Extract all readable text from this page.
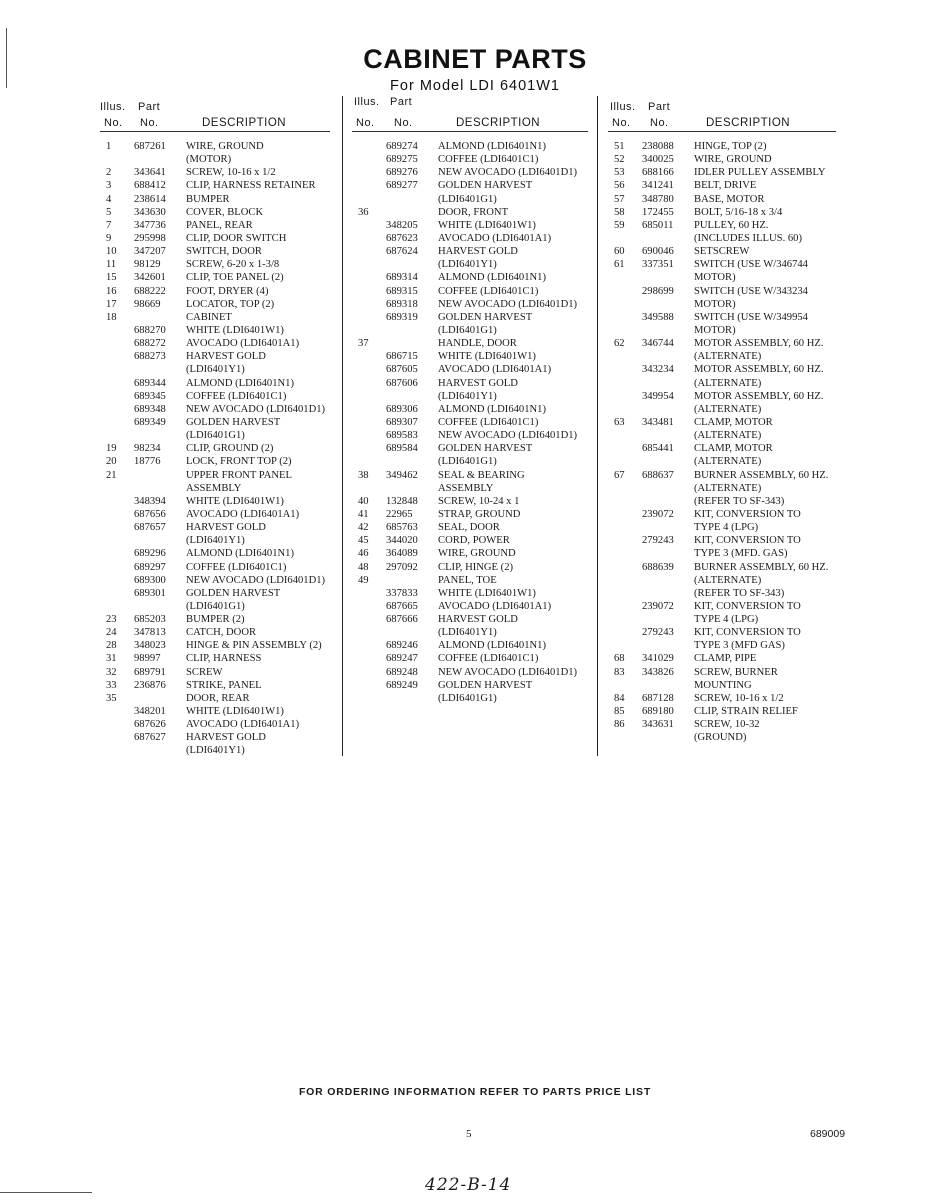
CABINET PARTS
For Model LDI 6401W1
Illus. Part
No. No.	DESCRIPTION
1	687261	WIRE, GROUND
(MOTOR)
2	343641	SCREW, 10-16 x 1/2
3	688412	CLIP, HARNESS RETAINER
4	238614	BUMPER
5	343630	COVER, BLOCK
7	347736	PANEL, REAR
9	295998	CLIP, DOOR SWITCH
10	347207	SWITCH, DOOR
11	98129	SCREW, 6-20 x 1-3/8
15	342601	CLIP, TOE PANEL (2)
16	688222	FOOT, DRYER (4)
17	98669	LOCATOR, TOP (2)
18	CABINET
688270	WHITE (LDI6401W1)
688272	AVOCADO (LDI6401A1)
688273	HARVEST GOLD
(LDI6401Y1)
689344	ALMOND (LDI6401N1)
689345	COFFEE (LDI6401C1)
689348	NEW AVOCADO (LDI6401D1)
689349	GOLDEN HARVEST
(LDI6401G1)
19	98234	CLIP, GROUND (2)
20	18776	LOCK, FRONT TOP (2)
21	UPPER FRONT PANEL
ASSEMBLY
348394	WHITE (LDI6401W1)
687656	AVOCADO (LDI6401A1)
687657	HARVEST GOLD
(LDI6401Y1)
689296	ALMOND (LDI6401N1)
689297	COFFEE (LDI6401C1)
689300	NEW AVOCADO (LDI6401D1)
689301	GOLDEN HARVEST
(LDI6401G1)
23	685203	BUMPER (2)
24	347813	CATCH, DOOR
28	348023	HINGE & PIN ASSEMBLY (2)
31	98997	CLIP, HARNESS
32	689791	SCREW
33	236876	STRIKE, PANEL
35	DOOR, REAR
348201	WHITE (LDI6401W1)
687626	AVOCADO (LDI6401A1)
687627	HARVEST GOLD
(LDI6401Y1)
Illus. Part
No. No.	DESCRIPTION
689274	ALMOND (LDI6401N1)
689275	COFFEE (LDI6401C1)
689276	NEW AVOCADO (LDI6401D1)
689277	GOLDEN HARVEST
(LDI6401G1)
36	DOOR, FRONT
348205	WHITE (LDI6401W1)
687623	AVOCADO (LDI6401A1)
687624	HARVEST GOLD
(LDI6401Y1)
689314	ALMOND (LDI6401N1)
689315	COFFEE (LDI6401C1)
689318	NEW AVOCADO (LDI6401D1)
689319	GOLDEN HARVEST
(LDI6401G1)
37	HANDLE, DOOR
686715	WHITE (LDI6401W1)
687605	AVOCADO (LDI6401A1)
687606	HARVEST GOLD
(LDI6401Y1)
689306	ALMOND (LDI6401N1)
689307	COFFEE (LDI6401C1)
689583	NEW AVOCADO (LDI6401D1)
689584	GOLDEN HARVEST
(LDI6401G1)
38	349462	SEAL & BEARING
ASSEMBLY
40	132848	SCREW, 10-24 x 1
41	22965	STRAP, GROUND
42	685763	SEAL, DOOR
45	344020	CORD, POWER
46	364089	WIRE, GROUND
48	297092	CLIP, HINGE (2)
49	PANEL, TOE
337833	WHITE (LDI6401W1)
687665	AVOCADO (LDI6401A1)
687666	HARVEST GOLD
(LDI6401Y1)
689246	ALMOND (LDI6401N1)
689247	COFFEE (LDI6401C1)
689248	NEW AVOCADO (LDI6401D1)
689249	GOLDEN HARVEST
(LDI6401G1)
Illus. Part
No. No.	DESCRIPTION
51	238088	HINGE, TOP (2)
52	340025	WIRE, GROUND
53	688166	IDLER PULLEY ASSEMBLY
56	341241	BELT, DRIVE
57	348780	BASE, MOTOR
58	172455	BOLT, 5/16-18 x 3/4
59	685011	PULLEY, 60 HZ.
(INCLUDES ILLUS. 60)
60	690046	SETSCREW
61	337351	SWITCH (USE W/346744
MOTOR)
298699	SWITCH (USE W/343234
MOTOR)
349588	SWITCH (USE W/349954
MOTOR)
62	346744	MOTOR ASSEMBLY, 60 HZ.
(ALTERNATE)
343234	MOTOR ASSEMBLY, 60 HZ.
(ALTERNATE)
349954	MOTOR ASSEMBLY, 60 HZ.
(ALTERNATE)
63	343481	CLAMP, MOTOR
(ALTERNATE)
685441	CLAMP, MOTOR
(ALTERNATE)
67	688637	BURNER ASSEMBLY, 60 HZ.
(ALTERNATE)
(REFER TO SF-343)
239072	KIT, CONVERSION TO
TYPE 4 (LPG)
279243	KIT, CONVERSION TO
TYPE 3 (MFD. GAS)
688639	BURNER ASSEMBLY, 60 HZ.
(ALTERNATE)
(REFER TO SF-343)
239072	KIT, CONVERSION TO
TYPE 4 (LPG)
279243	KIT, CONVERSION TO
TYPE 3 (MFD GAS)
68	341029	CLAMP, PIPE
83	343826	SCREW, BURNER
MOUNTING
84	687128	SCREW, 10-16 x 1/2
85	689180	CLIP, STRAIN RELIEF
86	343631	SCREW, 10-32
(GROUND)
FOR ORDERING INFORMATION REFER TO PARTS PRICE LIST
5	689009
422-B-14
